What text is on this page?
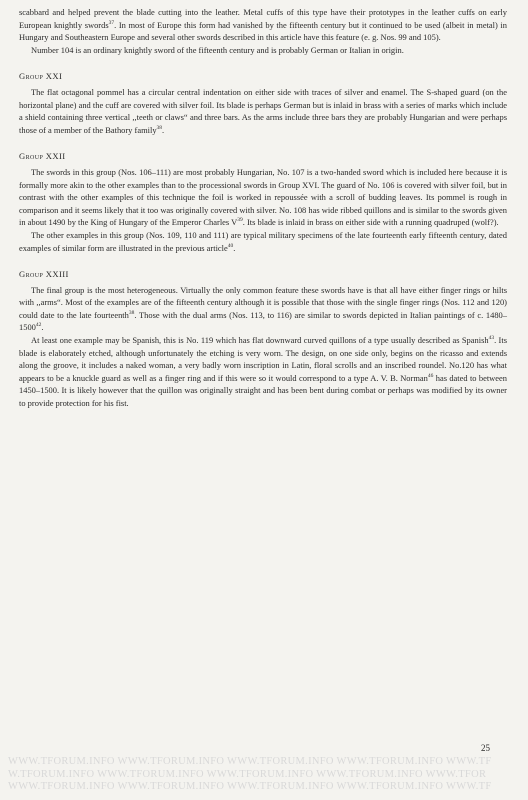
scabbard and helped prevent the blade cutting into the leather. Metal cuffs of this type have their prototypes in the leather cuffs on early European knightly swords$^{37}$. In most of Europe this form had vanished by the fifteenth century but it continued to be used (albeit in metal) in Hungary and Southeastern Europe and several other swords described in this article have this feature (e. g. Nos. 99 and 105).

Number 104 is an ordinary knightly sword of the fifteenth century and is probably German or Italian in origin.

Group XXI

The flat octagonal pommel has a circular central indentation on either side with traces of silver and enamel. The S-shaped guard (on the horizontal plane) and the cuff are covered with silver foil. Its blade is perhaps German but is inlaid in brass with a series of marks which include a shield containing three vertical ,,teeth or claws“ and three bars. As the arms include three bars they are probably Hungarian and were perhaps those of a member of the Bathory family$^{38}$.

Group XXII

The swords in this group (Nos. 106–111) are most probably Hungarian, No. 107 is a two-handed sword which is included here because it is formally more akin to the other examples than to the processional swords in Group XVI. The guard of No. 106 is covered with silver foil, but in contrast with the other examples of this technique the foil is worked in repoussée with a scroll of budding leaves. Its pommel is rough in comparison and it seems likely that it too was originally covered with silver. No. 108 has wide ribbed quillons and is similar to the swords given in about 1490 by the King of Hungary of the Emperor Charles $V^{39}$. Its blade is inlaid in brass on either side with a running quadruped (wolf?).

The other examples in this group (Nos. 109, 110 and 111) are typical military specimens of the late fourteenth early fifteenth century, dated examples of similar form are illustrated in the previous article$^{40}$.

Group XXIII

The final group is the most heterogeneous. Virtually the only common feature these swords have is that all have either finger rings or hilts with ,,arms“. Most of the examples are of the fifteenth century although it is possible that those with the single finger rings (Nos. 112 and 120) could date to the late fourteenth$^{38}$. Those with the dual arms (Nos. 113, to 116) are similar to swords depicted in Italian paintings of c. 1480–1500$^{42}$.

At least one example may be Spanish, this is No. 119 which has flat downward curved quillons of a type usually described as Spanish$^{43}$. Its blade is elaborately etched, although unfortunately the etching is very worn. The design, on one side only, begins on the ricasso and extends along the groove, it includes a naked woman, a very badly worn inscription in Latin, floral scrolls and an inscribed roundel. No.120 has what appears to be a knuckle guard as well as a finger ring and if this were so it would correspond to a type A. V. B. Norman$^{46}$ has dated to between 1450–1500. It is likely however that the quillon was originally straight and has been bent during combat or perhaps was modified by its owner to provide protection for his fist.

25
WWW.TFORUM.INFO WWW.TFORUM.INFO WWW.TFORUM.INFO WWW.TFORUM.INFO WWW.TF
W.TFORUM.INFO WWW.TFORUM.INFO WWW.TFORUM.INFO WWW.TFORUM.INFO WWW.TFOR
WWW.TFORUM.INFO WWW.TFORUM.INFO WWW.TFORUM.INFO WWW.TFORUM.INFO WWW.TF
